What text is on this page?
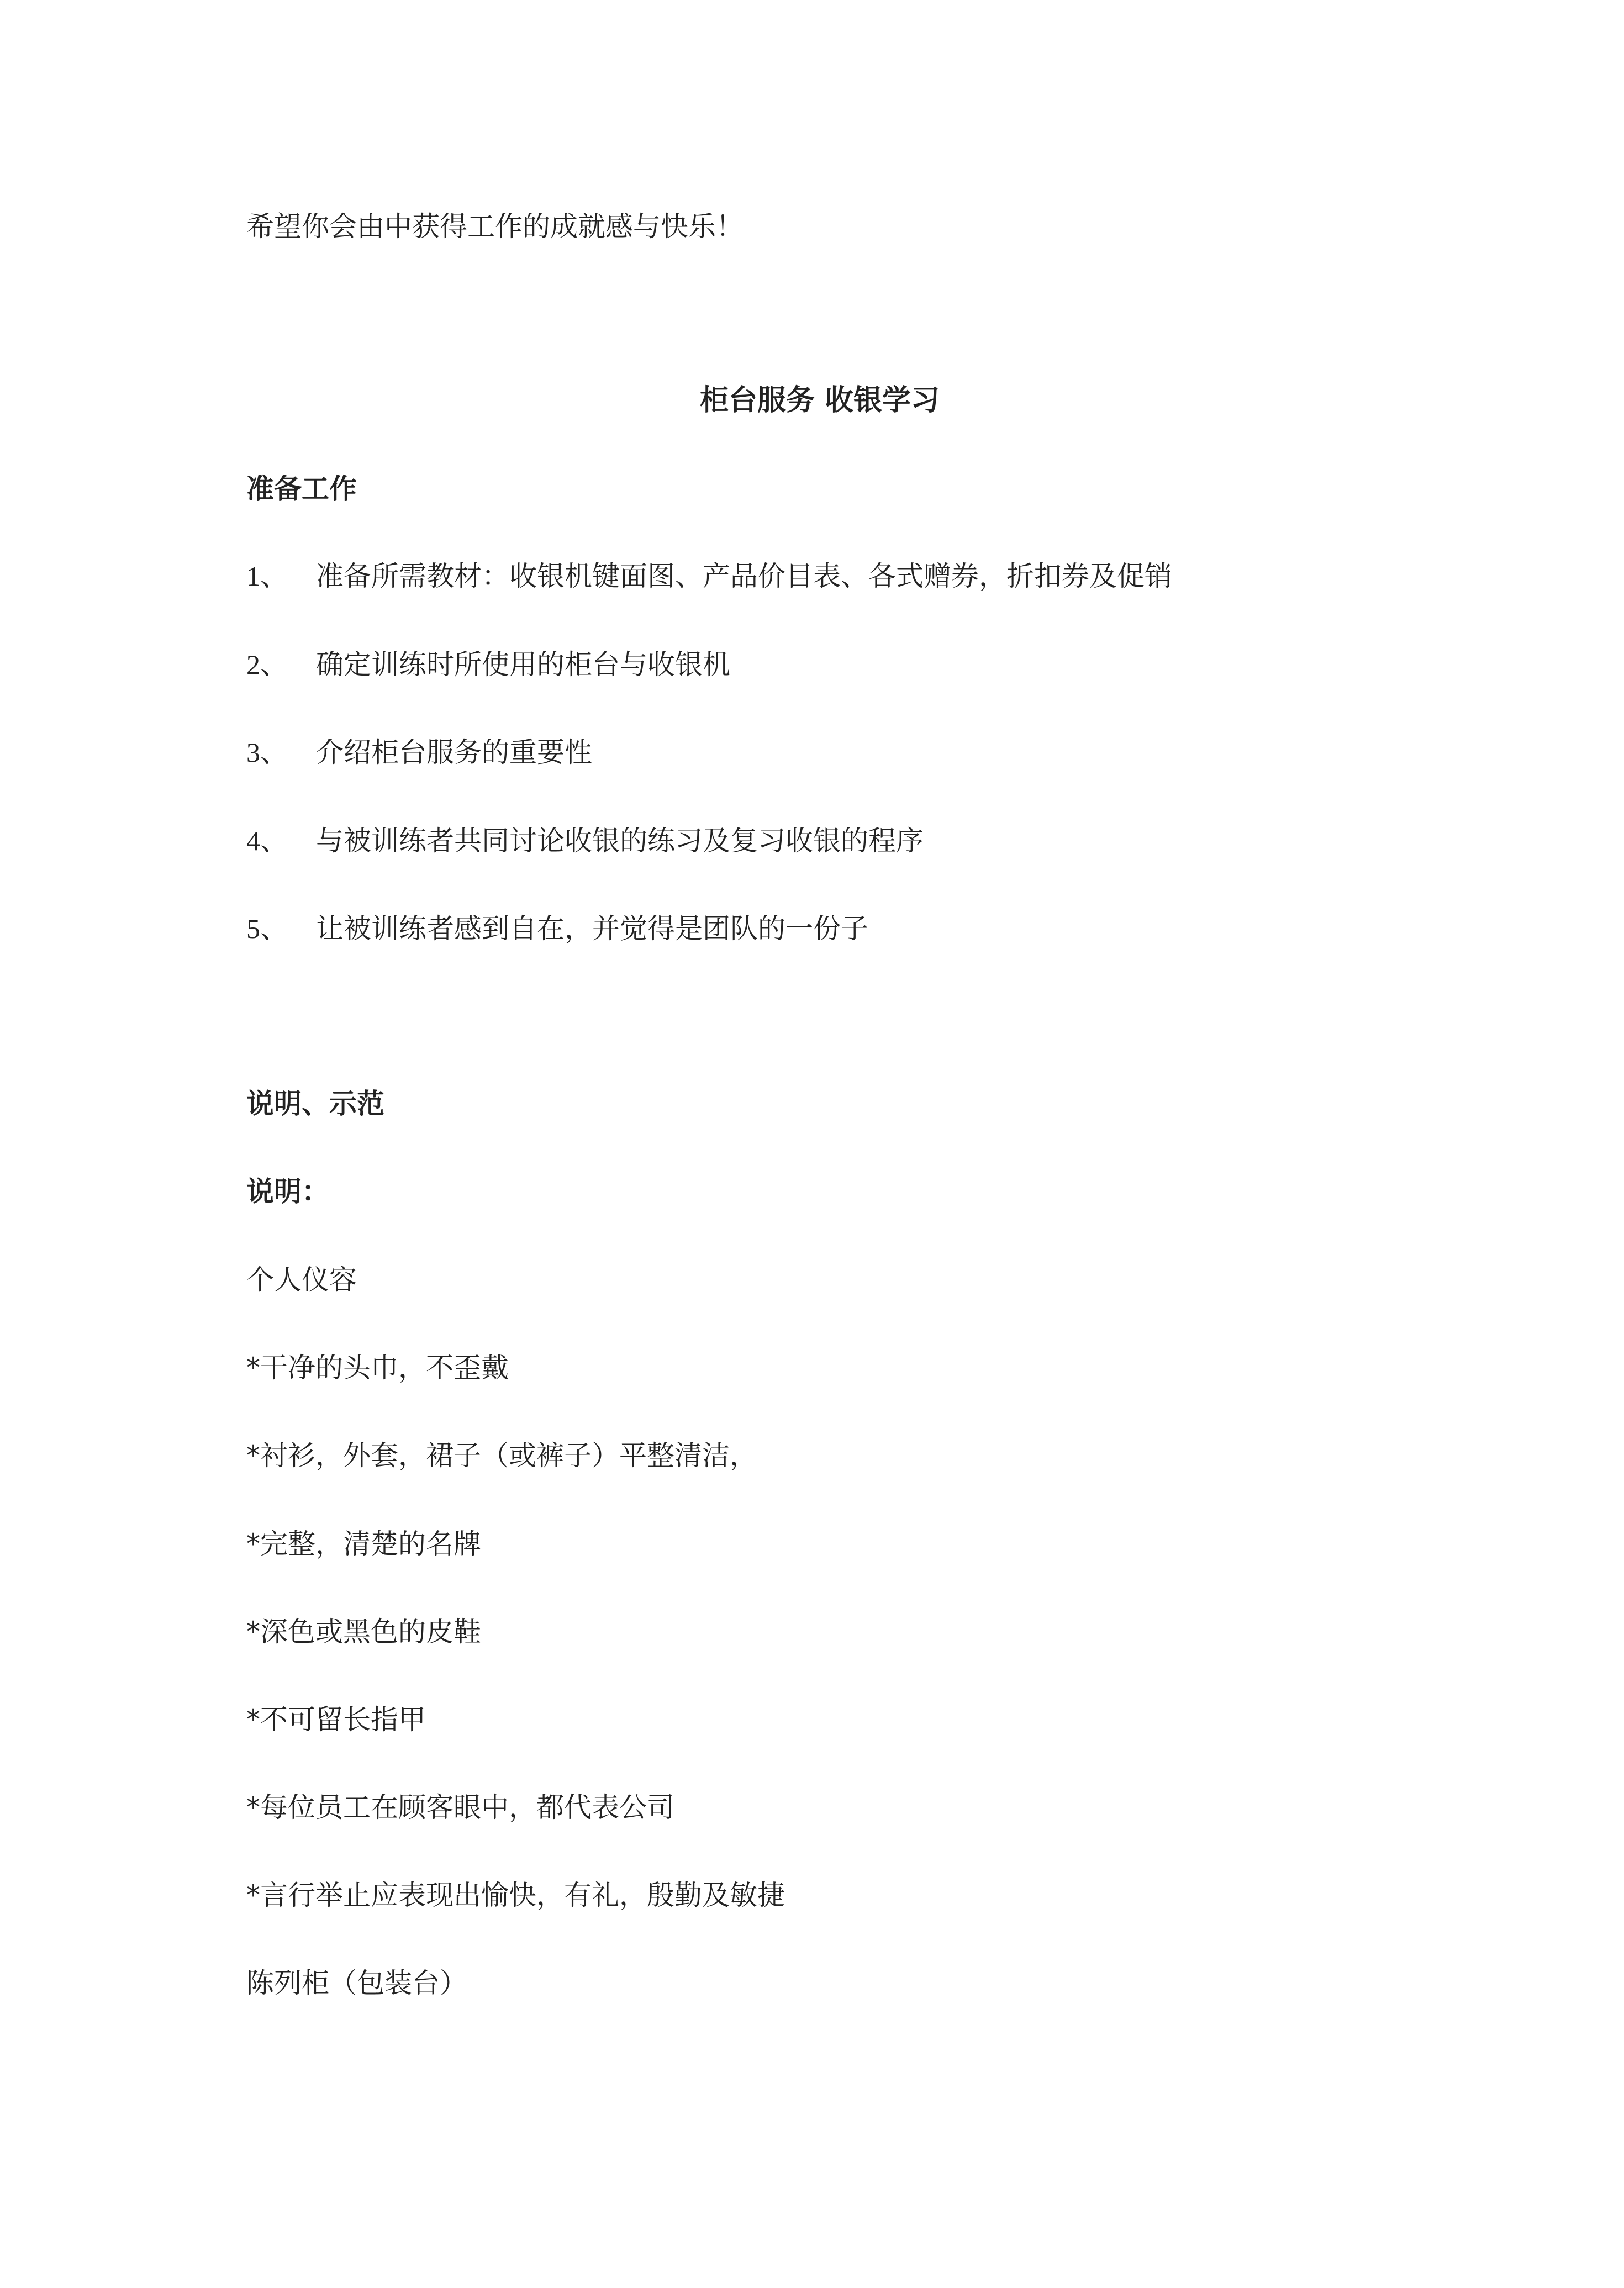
希望你会由中获得工作的成就感与快乐！
柜台服务 收银学习
准备工作
1、 准备所需教材：收银机键面图、产品价目表、各式赠券，折扣券及促销
2、 确定训练时所使用的柜台与收银机
3、 介绍柜台服务的重要性
4、 与被训练者共同讨论收银的练习及复习收银的程序
5、 让被训练者感到自在，并觉得是团队的一份子
说明、示范
说明：
个人仪容
*干净的头巾，不歪戴
*衬衫，外套，裙子（或裤子）平整清洁，
*完整，清楚的名牌
*深色或黑色的皮鞋
*不可留长指甲
*每位员工在顾客眼中，都代表公司
*言行举止应表现出愉快，有礼，殷勤及敏捷
陈列柜（包装台）
